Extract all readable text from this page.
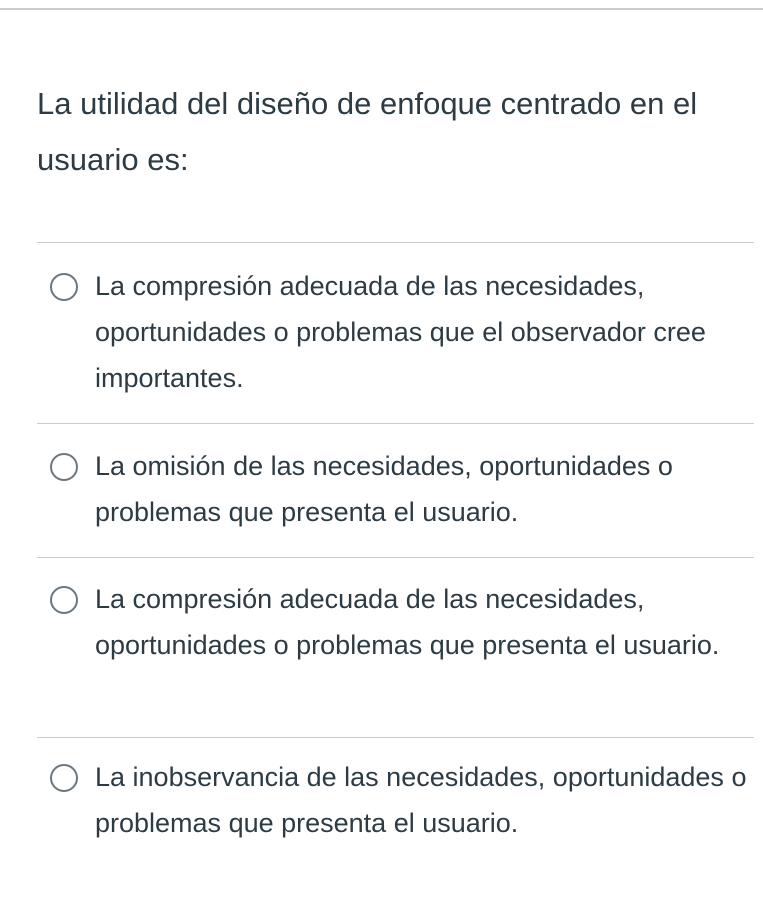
La utilidad del diseño de enfoque centrado en el usuario es:
La compresión adecuada de las necesidades, oportunidades o problemas que el observador cree importantes.
La omisión de las necesidades, oportunidades o problemas que presenta el usuario.
La compresión adecuada de las necesidades, oportunidades o problemas que presenta el usuario.
La inobservancia de las necesidades, oportunidades o problemas que presenta el usuario.
